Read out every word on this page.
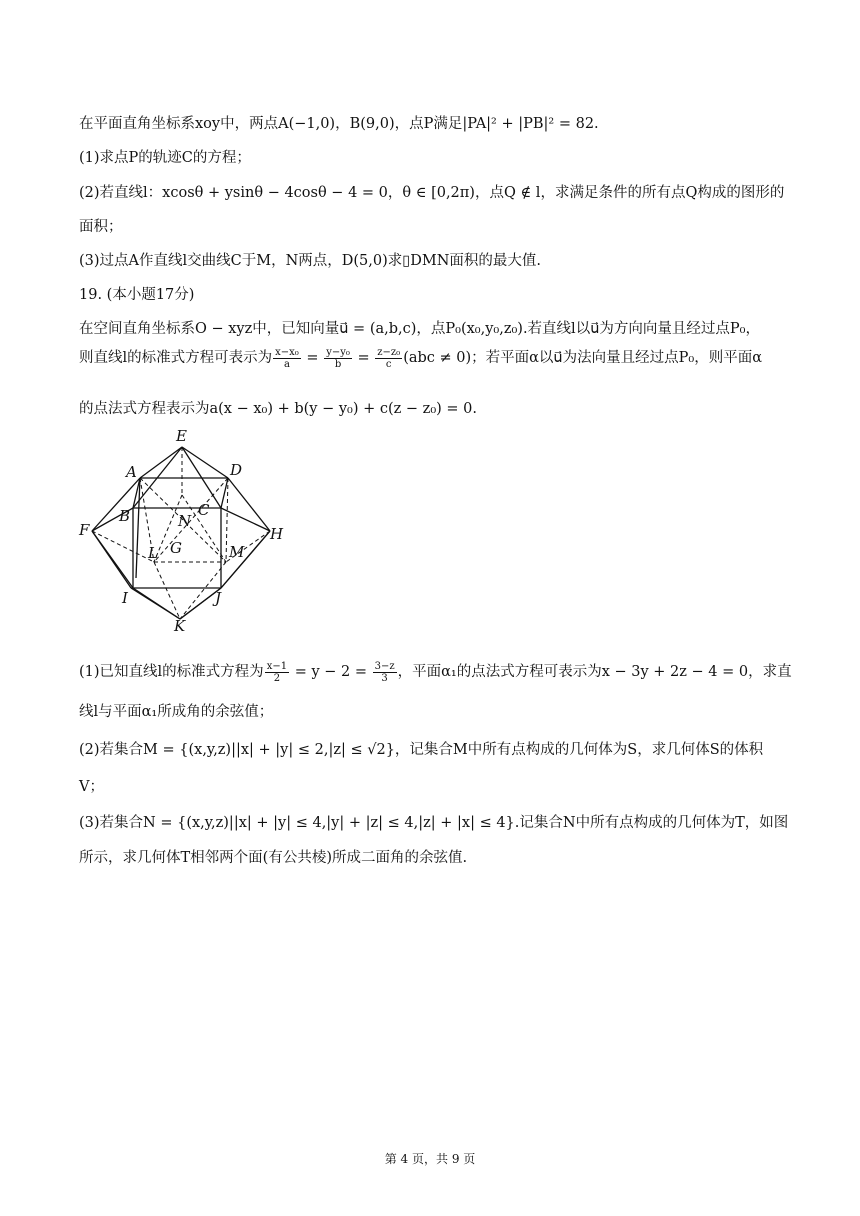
在平面直角坐标系xoy中，两点A(−1,0)，B(9,0)，点P满足|PA|² + |PB|² = 82.
(1)求点P的轨迹C的方程；
(2)若直线l：xcosθ + ysinθ − 4cosθ − 4 = 0，θ ∈ [0,2π)，点Q ∉ l，求满足条件的所有点Q构成的图形的
面积；
(3)过点A作直线l交曲线C于M，N两点，D(5,0)求▯DMN面积的最大值.
19. (本小题17分)
在空间直角坐标系O − xyz中，已知向量u⃗ = (a,b,c)，点P₀(x₀,y₀,z₀).若直线l以u⃗为方向向量且经过点P₀，
则直线l的标准式方程可表示为 $\frac{\text{x−x₀}}{a} = \frac{\text{y−y₀}}{b} = \frac{\text{z−z₀}}{c} (abc \ne 0)$；若平面α以u⃗为法向量且经过点P₀，则平面α
的点法式方程表示为a(x − x₀) + b(y − y₀) + c(z − z₀) = 0.
E
A	D
B	C
N
F	H
G
L	M
I	J
K
(1)已知直线l的标准式方程为 $\frac{x-1}{2} = y - 2 = \frac{3-z}{3}$ ，平面α₁的点法式方程可表示为x − 3y + 2z − 4 = 0，求直
线l与平面α₁所成角的余弦值；
(2)若集合M = {(x,y,z)||x| + |y| ≤ 2,|z| ≤ √2}，记集合M中所有点构成的几何体为S，求几何体S的体积
V；
(3)若集合N = {(x,y,z)||x| + |y| ≤ 4,|y| + |z| ≤ 4,|z| + |x| ≤ 4}.记集合N中所有点构成的几何体为T，如图
所示，求几何体T相邻两个面(有公共棱)所成二面角的余弦值.
第 4 页，共 9 页
